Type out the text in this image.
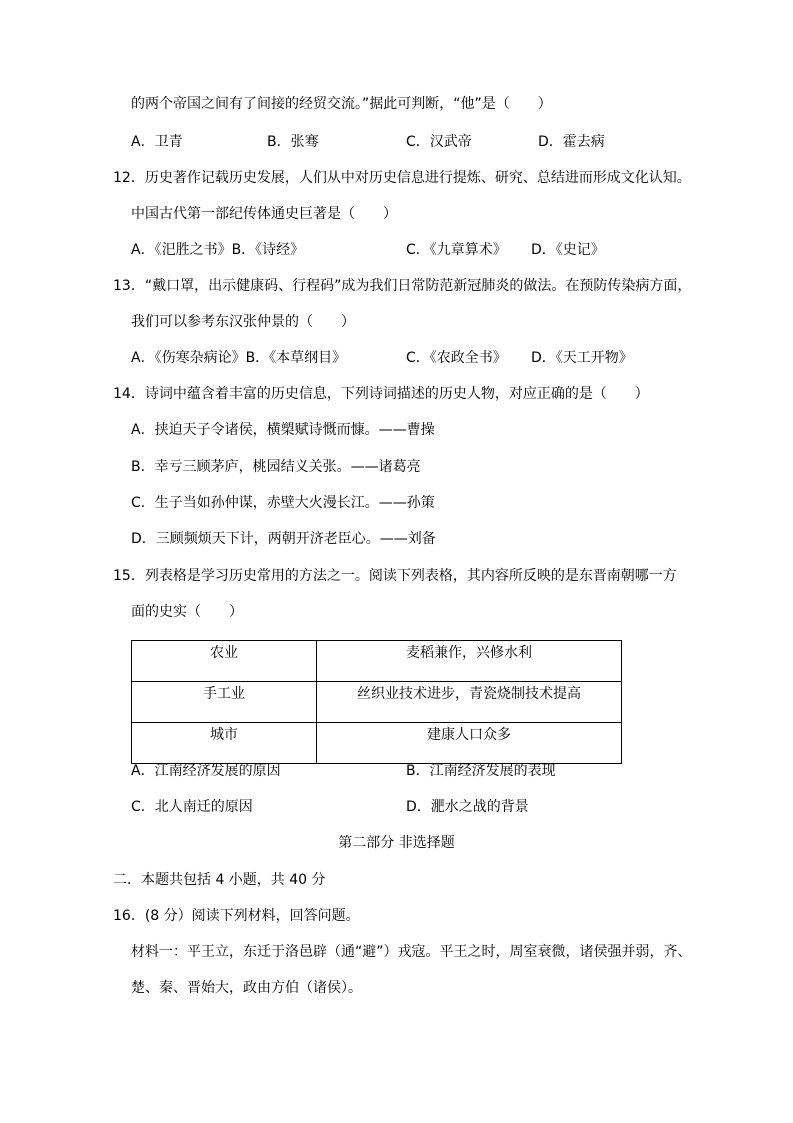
的两个帝国之间有了间接的经贸交流。”据此可判断，“他”是（　　）
A．卫青	B．张骞	C．汉武帝	D．霍去病
12．历史著作记载历史发展，人们从中对历史信息进行提炼、研究、总结进而形成文化认知。
中国古代第一部纪传体通史巨著是（　　）
A．《汜胜之书》B．《诗经》	C．《九章算术》 D．《史记》
13．“戴口罩，出示健康码、行程码”成为我们日常防范新冠肺炎的做法。在预防传染病方面，
我们可以参考东汉张仲景的（　　）
A．《伤寒杂病论》B．《本草纲目》	C．《农政全书》 D．《天工开物》
14．诗词中蕴含着丰富的历史信息，下列诗词描述的历史人物，对应正确的是（　　）
A．挟迫天子令诸侯，横槊赋诗慨而慷。——曹操
B．幸亏三顾茅庐，桃园结义关张。——诸葛亮
C．生子当如孙仲谋，赤壁大火漫长江。——孙策
D．三顾频烦天下计，两朝开济老臣心。——刘备
15．列表格是学习历史常用的方法之一。阅读下列表格，其内容所反映的是东晋南朝哪一方
面的史实（　　）
农业	麦稻兼作，兴修水利

手工业	丝织业技术进步，青瓷烧制技术提高

城市	建康人口众多
A．江南经济发展的原因	B．江南经济发展的表现
C．北人南迁的原因	D．淝水之战的背景
第二部分 非选择题
二．本题共包括 4 小题，共 40 分
16．(8 分）阅读下列材料，回答问题。
材料一：平王立，东迁于洛邑辟（通“避”）戎寇。平王之时，周室衰微，诸侯强并弱，齐、
楚、秦、晋始大，政由方伯（诸侯）。
